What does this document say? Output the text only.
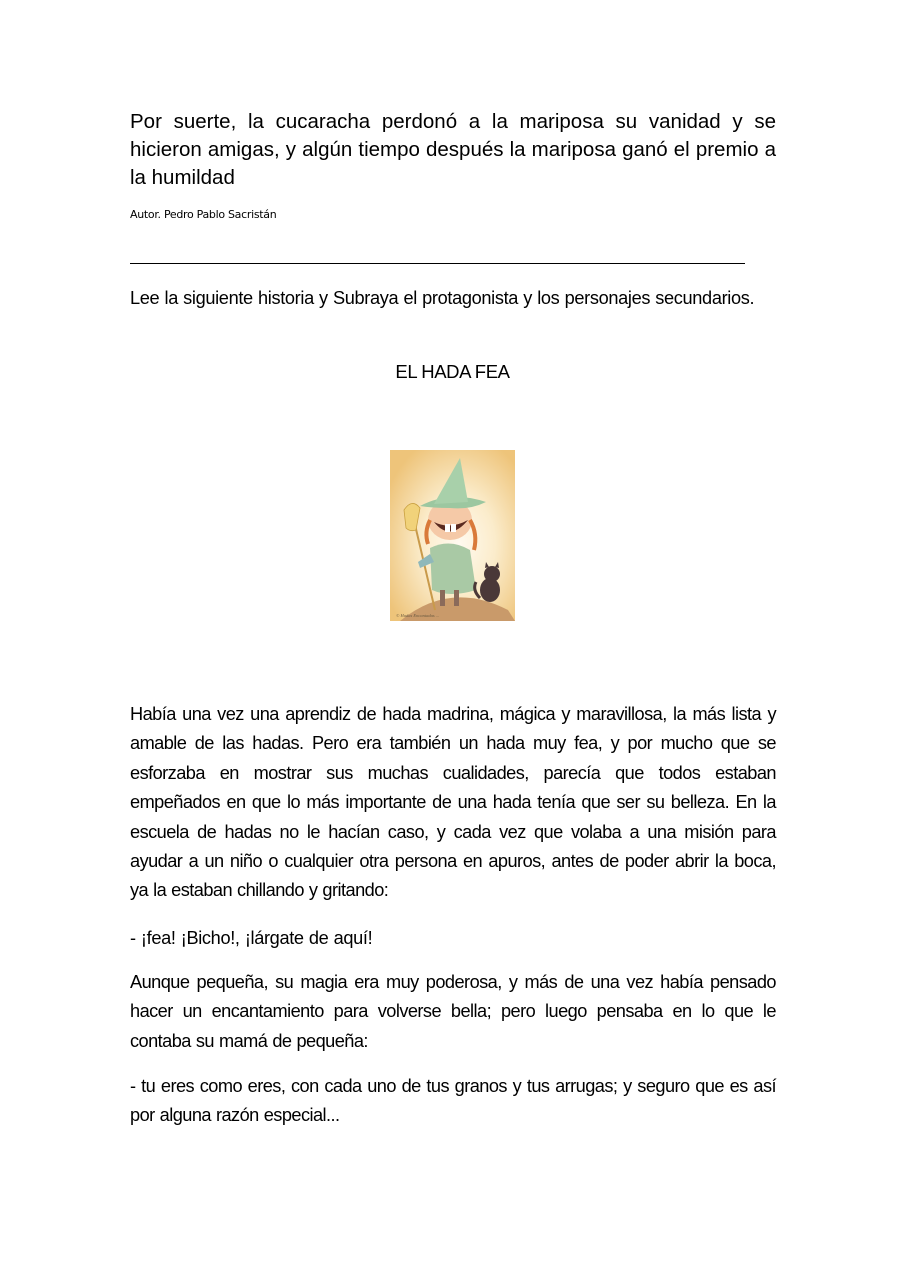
Por suerte, la cucaracha perdonó a la mariposa su vanidad y se hicieron amigas, y algún tiempo después la mariposa ganó el premio a la humildad

Autor. Pedro Pablo Sacristán

Lee la siguiente historia y Subraya el protagonista y los personajes secundarios.

EL HADA FEA

© Hadas Encantadas ...

Había una vez una aprendiz de hada madrina, mágica y maravillosa, la más lista y amable de las hadas. Pero era también un hada muy fea, y por mucho que se esforzaba en mostrar sus muchas cualidades, parecía que todos estaban empeñados en que lo más importante de una hada tenía que ser su belleza. En la escuela de hadas no le hacían caso, y cada vez que volaba a una misión para ayudar a un niño o cualquier otra persona en apuros, antes de poder abrir la boca, ya la estaban chillando y gritando:

- ¡fea! ¡Bicho!, ¡lárgate de aquí!

Aunque pequeña, su magia era muy poderosa, y más de una vez había pensado hacer un encantamiento para volverse bella; pero luego pensaba en lo que le contaba su mamá de pequeña:

- tu eres como eres, con cada uno de tus granos y tus arrugas; y seguro que es así por alguna razón especial...
